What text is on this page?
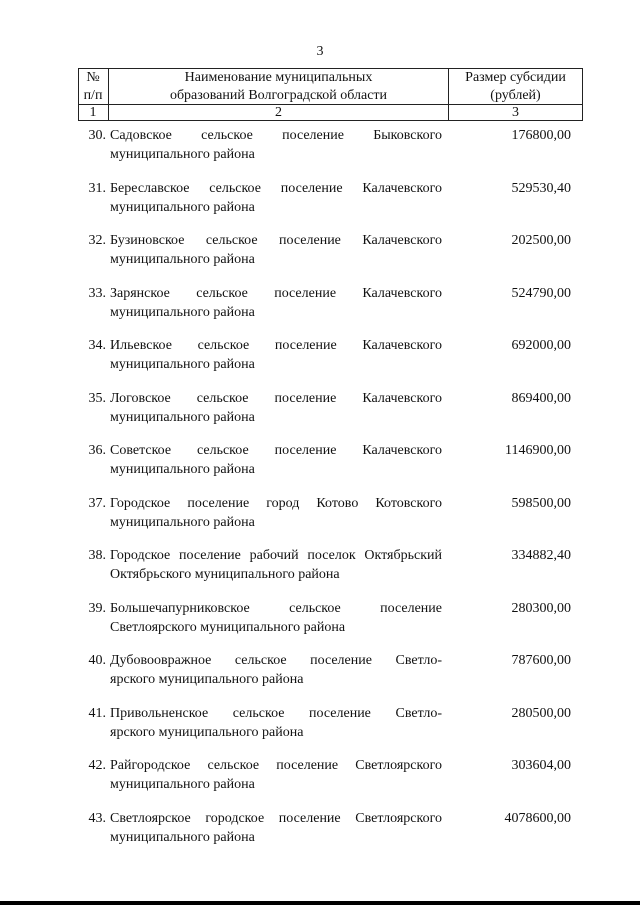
3
№
п/п
Наименование муниципальных
образований Волгоградской области
Размер субсидии
(рублей)
1	2	3
30. Садовское сельское поселение Быковского
муниципального района
176800,00
31. Береславское сельское поселение Калачевского
муниципального района
529530,40
32. Бузиновское сельское поселение Калачевского
муниципального района
202500,00
33. Зарянское сельское поселение Калачевского
муниципального района
524790,00
34. Ильевское сельское поселение Калачевского
муниципального района
692000,00
35. Логовское сельское поселение Калачевского
муниципального района
869400,00
36. Советское сельское поселение Калачевского
муниципального района
1146900,00
37. Городское поселение город Котово Котовского
муниципального района
598500,00
38. Городское поселение рабочий поселок Октябрьский
Октябрьского муниципального района
334882,40
39. Большечапурниковское сельское поселение
Светлоярского муниципального района
280300,00
40. Дубовоовражное сельское поселение Светло-
ярского муниципального района
787600,00
41. Привольненское сельское поселение Светло-
ярского муниципального района
280500,00
42. Райгородское сельское поселение Светлоярского
муниципального района
303604,00
43. Светлоярское городское поселение Светлоярского
муниципального района
4078600,00
